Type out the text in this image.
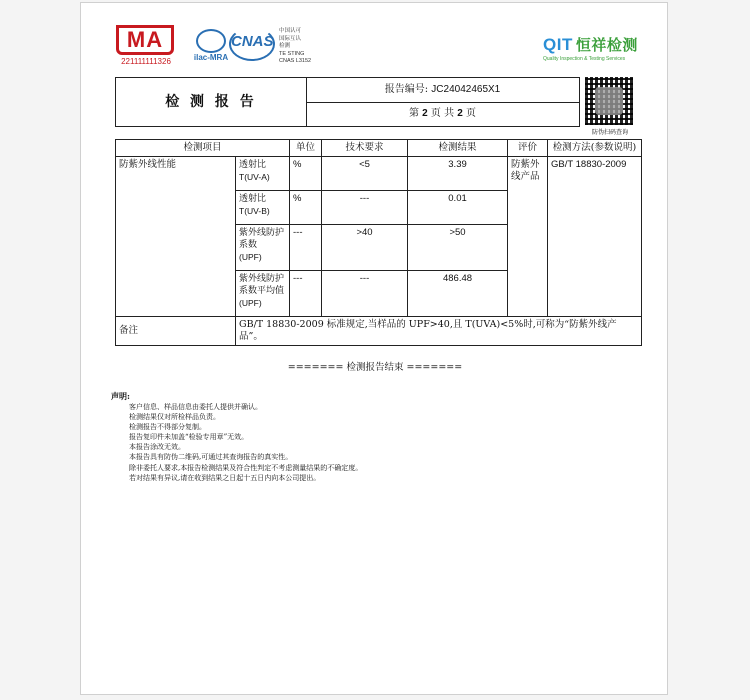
MA
221111111326	ilac-MRA
CNAS
中国认可
国际互认
检测
TE STING
CNAS L3152
QIT 恒祥检测
Quality Inspection & Testing Services
检 测 报 告
报告编号: JC24042465X1
第 2 页 共 2 页
防伪扫码查询
检测项目		单位	技术要求	检测结果	评价	检测方法(参数说明)
防紫外线性能	透射比
T(UV-A)	%	<5	3.39	防紫外线产品	GB/T 18830-2009

	透射比
T(UV-B)	%	---	0.01		

	紫外线防护系数
(UPF)	---	>40	>50		

	紫外线防护系数平均值
(UPF)	---	---	486.48		
备注	GB/T 18830-2009 标准规定,当样品的 UPF>40,且 T(UVA)<5%时,可称为“防紫外线产品”。					
======= 检测报告结束 =======
声明:
客户信息、样品信息由委托人提供并确认。
检测结果仅对所检样品负责。
检测报告不得部分复制。
报告复印件未加盖“检验专用章”无效。
本报告涂改无效。
本报告具有防伪二维码,可通过其查询报告的真实性。
除非委托人要求,本报告检测结果及符合性判定不考虑测量结果的不确定度。
若对结果有异议,请在收到结果之日起十五日内向本公司提出。
